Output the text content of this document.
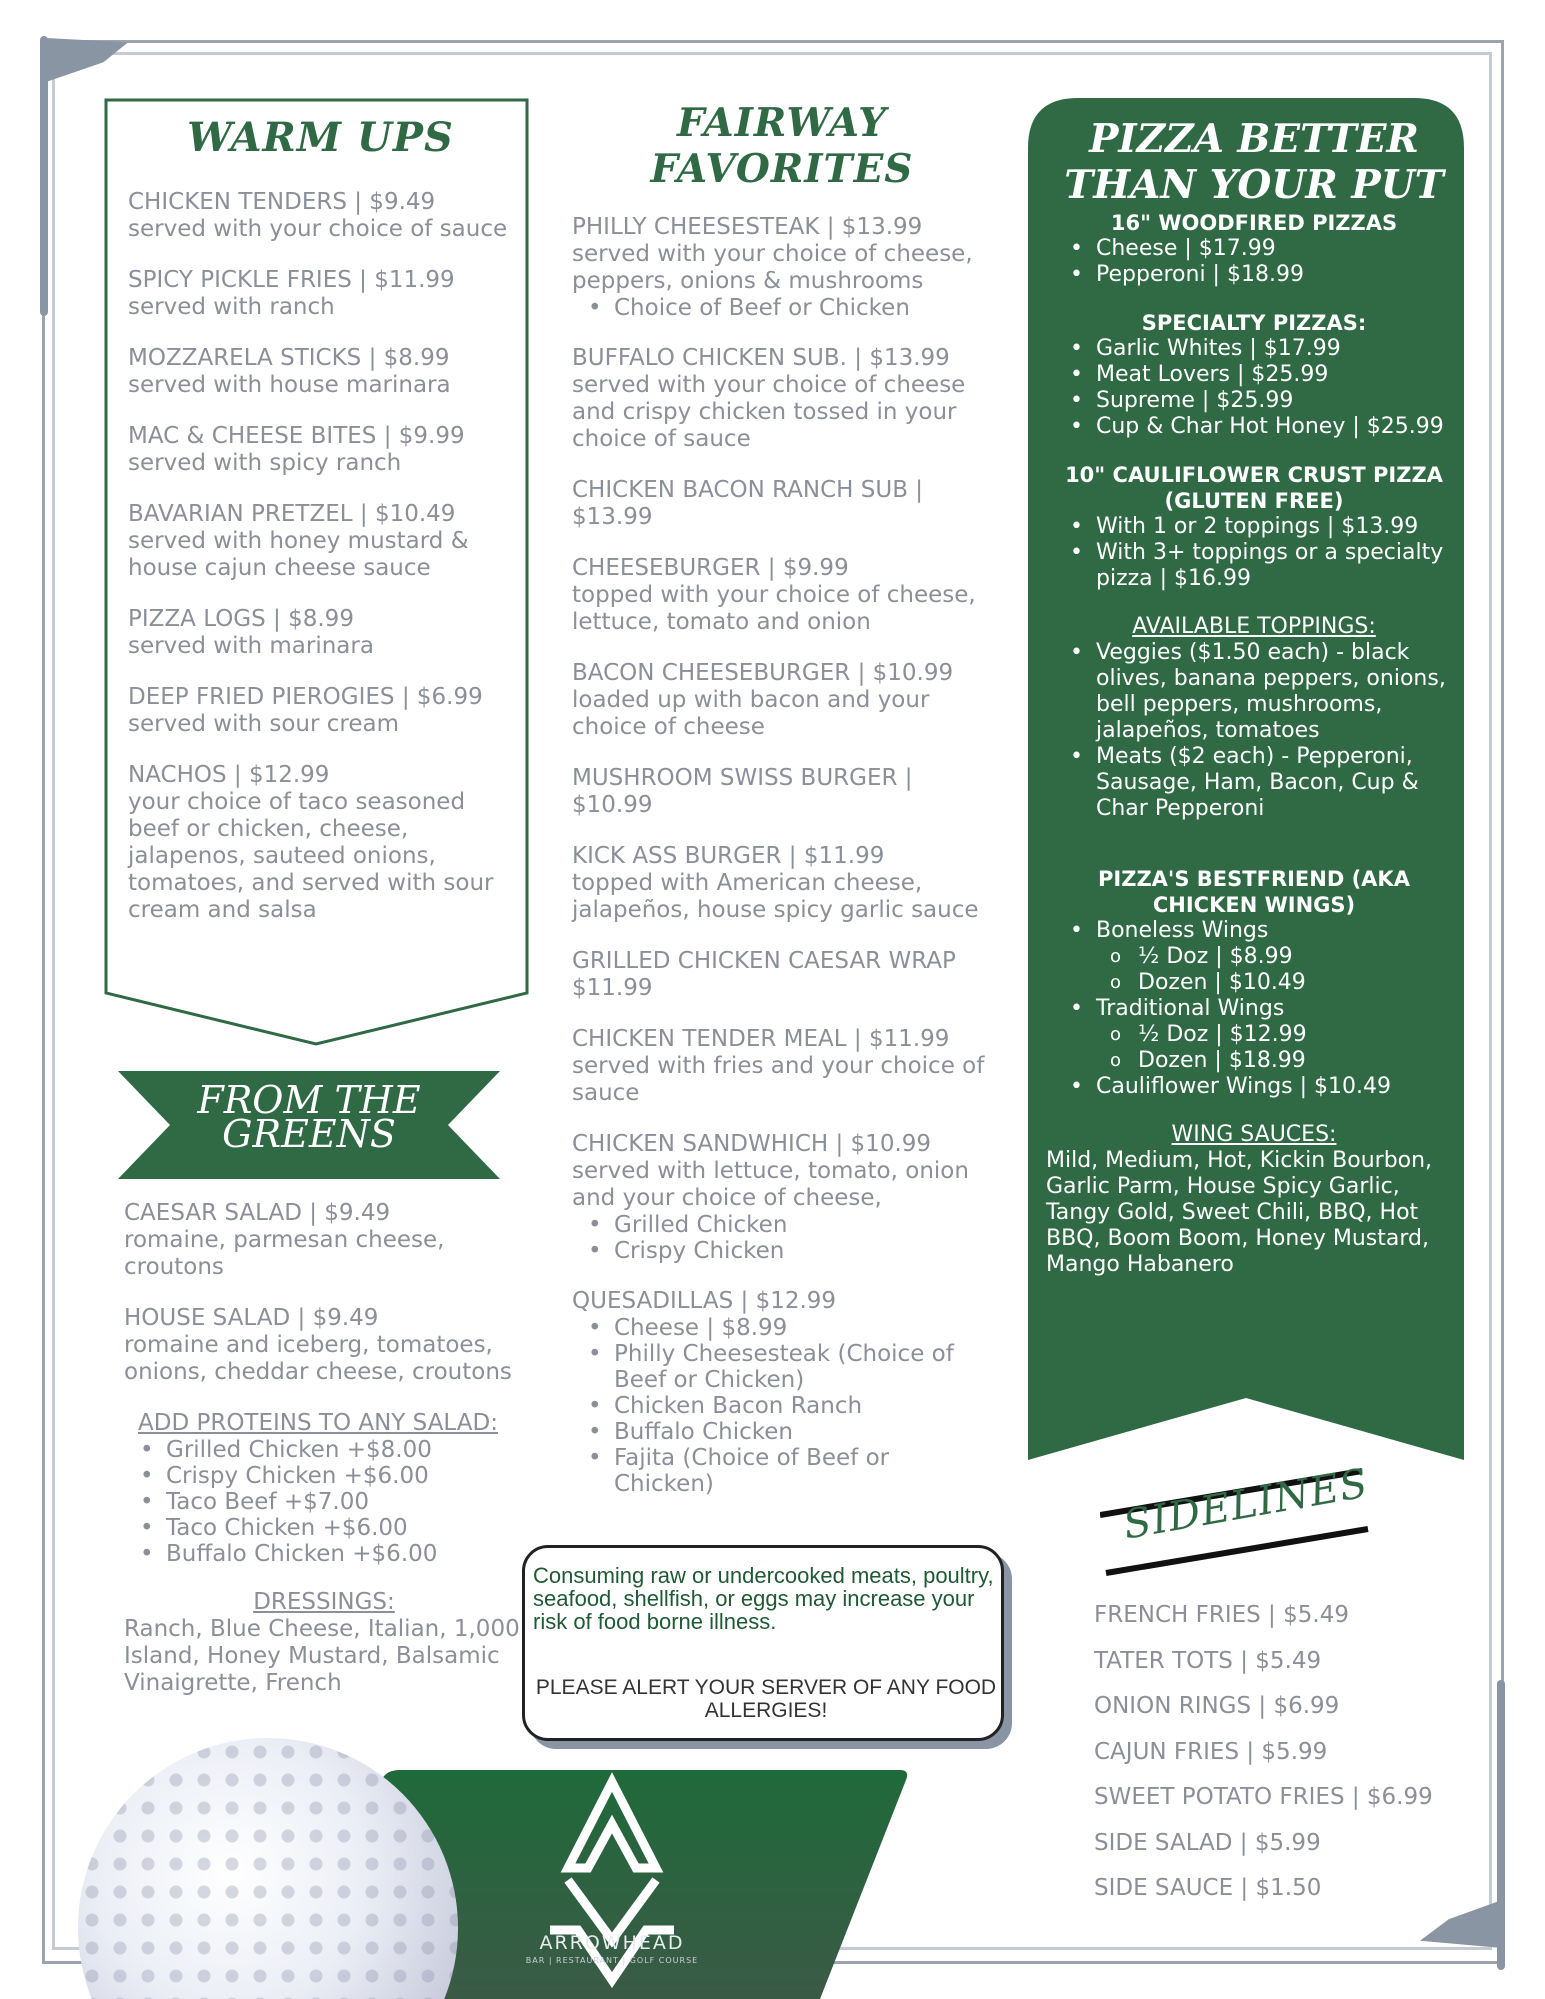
WARM UPS
CHICKEN TENDERS | $9.49
served with your choice of sauce
SPICY PICKLE FRIES | $11.99
served with ranch
MOZZARELA STICKS | $8.99
served with house marinara
MAC & CHEESE BITES | $9.99
served with spicy ranch
BAVARIAN PRETZEL | $10.49
served with honey mustard & house cajun cheese sauce
PIZZA LOGS | $8.99
served with marinara
DEEP FRIED PIEROGIES | $6.99
served with sour cream
NACHOS | $12.99
your choice of taco seasoned beef or chicken, cheese, jalapenos, sauteed onions, tomatoes, and served with sour cream and salsa
FROM THE
GREENS
CAESAR SALAD | $9.49
romaine, parmesan cheese, croutons
HOUSE SALAD | $9.49
romaine and iceberg, tomatoes, onions, cheddar cheese, croutons
ADD PROTEINS TO ANY SALAD:
• Grilled Chicken +$8.00
• Crispy Chicken +$6.00
• Taco Beef +$7.00
• Taco Chicken +$6.00
• Buffalo Chicken +$6.00
DRESSINGS:
Ranch, Blue Cheese, Italian, 1,000 Island, Honey Mustard, Balsamic Vinaigrette, French
FAIRWAY
FAVORITES
PHILLY CHEESESTEAK | $13.99
served with your choice of cheese, peppers, onions & mushrooms
• Choice of Beef or Chicken
BUFFALO CHICKEN SUB. | $13.99
served with your choice of cheese and crispy chicken tossed in your choice of sauce
CHICKEN BACON RANCH SUB | $13.99
CHEESEBURGER | $9.99
topped with your choice of cheese, lettuce, tomato and onion
BACON CHEESEBURGER | $10.99
loaded up with bacon and your choice of cheese
MUSHROOM SWISS BURGER | $10.99
KICK ASS BURGER | $11.99
topped with American cheese, jalapeños, house spicy garlic sauce
GRILLED CHICKEN CAESAR WRAP $11.99
CHICKEN TENDER MEAL | $11.99
served with fries and your choice of sauce
CHICKEN SANDWHICH | $10.99
served with lettuce, tomato, onion and your choice of cheese,
• Grilled Chicken
• Crispy Chicken
QUESADILLAS | $12.99
• Cheese | $8.99
• Philly Cheesesteak (Choice of Beef or Chicken)
• Chicken Bacon Ranch
• Buffalo Chicken
• Fajita (Choice of Beef or Chicken)
PIZZA BETTER
THAN YOUR PUT
16" WOODFIRED PIZZAS
• Cheese | $17.99
• Pepperoni | $18.99
SPECIALTY PIZZAS:
• Garlic Whites | $17.99
• Meat Lovers | $25.99
• Supreme | $25.99
• Cup & Char Hot Honey | $25.99
10" CAULIFLOWER CRUST PIZZA
(GLUTEN FREE)
• With 1 or 2 toppings | $13.99
• With 3+ toppings or a specialty pizza | $16.99
AVAILABLE TOPPINGS:
• Veggies ($1.50 each) - black olives, banana peppers, onions, bell peppers, mushrooms, jalapeños, tomatoes
• Meats ($2 each) - Pepperoni, Sausage, Ham, Bacon, Cup & Char Pepperoni
PIZZA'S BESTFRIEND (AKA
CHICKEN WINGS)
• Boneless Wings
o ½ Doz | $8.99
o Dozen | $10.49
• Traditional Wings
o ½ Doz | $12.99
o Dozen | $18.99
• Cauliflower Wings | $10.49
WING SAUCES:

Mild, Medium, Hot, Kickin Bourbon, Garlic Parm, House Spicy Garlic, Tangy Gold, Sweet Chili, BBQ, Hot BBQ, Boom Boom, Honey Mustard, Mango Habanero

SIDELINES
FRENCH FRIES | $5.49
TATER TOTS | $5.49
ONION RINGS | $6.99
CAJUN FRIES | $5.99
SWEET POTATO FRIES | $6.99
SIDE SALAD | $5.99
SIDE SAUCE | $1.50
Consuming raw or undercooked meats, poultry, seafood, shellfish, or eggs may increase your risk of food borne illness.
PLEASE ALERT YOUR SERVER OF ANY FOOD ALLERGIES!
ARROWHEAD
BAR | RESTAURANT | GOLF COURSE
